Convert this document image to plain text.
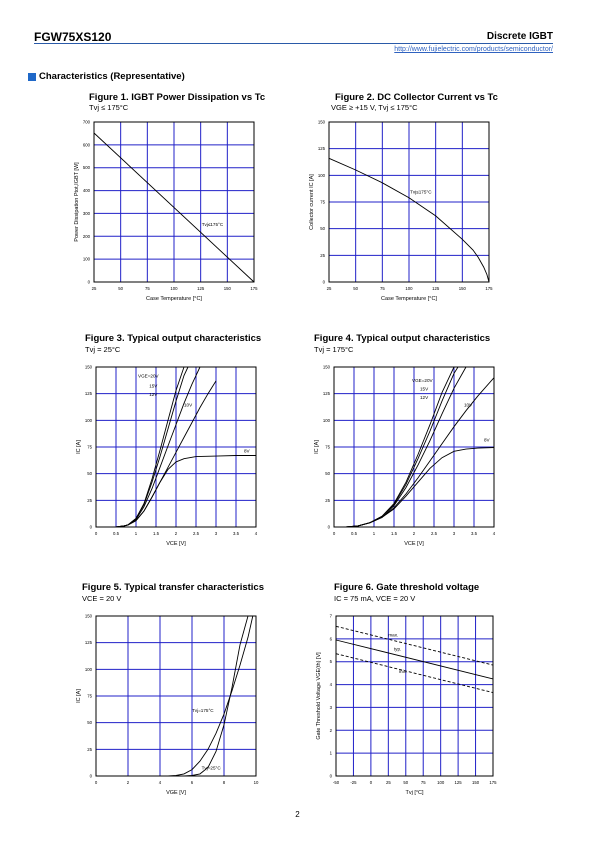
FGW75XS120	Discrete IGBT
http://www.fujielectric.com/products/semiconductor/
Characteristics (Representative)
Figure 1. IGBT Power Dissipation vs Tc
Tvj ≤ 175°C
25	50	75	100	125	150	175
0
100
200
300
400
500
600
700
Case Temperature [°C]
Power Dissipation Ptot,IGBT [W]	Tvj≤175°C
Figure 2. DC Collector Current vs Tc
VGE ≥ +15 V, Tvj ≤ 175°C
25	50	75	100	125	150	175
0
25
50
75
100
125
150
Case Temperature [°C]
Collector current IC [A]	Tvj≤175°C
Figure 3. Typical output characteristics
Tvj = 25°C
0	0.5	1	1.5	2	2.5	3	3.5	4
0
25
50
75
100
125
150
VCE [V]
IC [A]
VGE=20V
15V
12V
10V
8V
Figure 4. Typical output characteristics
Tvj = 175°C
0	0.5	1	1.5	2	2.5	3	3.5	4
0
25
50
75
100
125
150
VCE [V]
IC [A]
VGE=20V
15V
12V
10V
8V
Figure 5. Typical transfer characteristics
VCE = 20 V
0	2	4	6	8	10
0
25
50
75
100
125
150
VGE [V]
IC [A]
Tvj=175°C
Tvj=25°C
Figure 6. Gate threshold voltage
IC = 75 mA, VCE = 20 V
-50	-25	0	25	50	75	100 125 150 175
0
1
2
3
4
5
6
7
Tvj [°C]
Gate Threshold Voltage VGE(th) [V]
max.
typ.
min.
2
